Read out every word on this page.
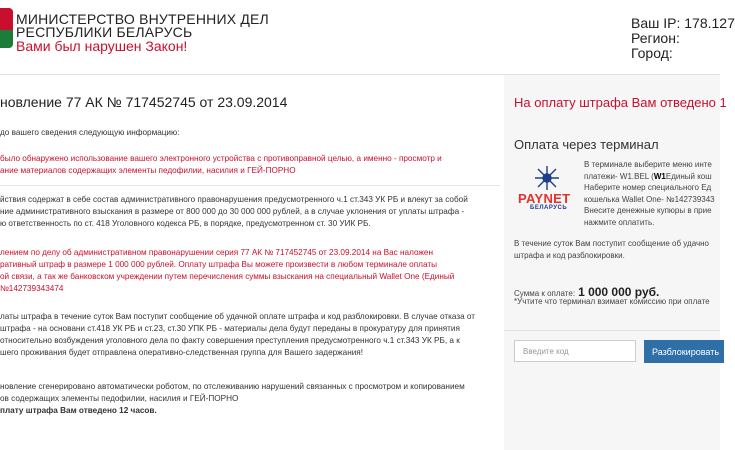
МИНИСТЕРСТВО ВНУТРЕННИХ ДЕЛ
РЕСПУБЛИКИ БЕЛАРУСЬ
Вами был нарушен Закон!
Ваш IP: 178.127
Регион:
Город:
новление 77 АК № 717452745 от 23.09.2014
до вашего сведения следующую информацию:
было обнаружено использование вашего электронного устройства с противоправной целью, а именно - просмотр и
ание материалов содержащих элементы педофилии, насилия и ГЕЙ-ПОРНО
йствия содержат в себе состав административного правонарушения предусмотренного ч.1 ст.343 УК РБ и влекут за собой
ние административного взыскания в размере от 800 000 до 30 000 000 рублей, а в случае уклонения от уплаты штрафа -
ю ответственность по ст. 418 Уголовного кодекса РБ, в порядке, предусмотренном ст. 30 УИК РБ.
лением по делу об административном правонарушении серия 77 АК № 717452745 от 23.09.2014 на Вас наложен
ративный штраф в размере 1 000 000 рублей. Оплату штрафа Вы можете произвести в любом терминале оплаты
ой связи, а так же банковском учреждении путем перечисления суммы взыскания на специальный Wallet One (Единый
№142739343474
латы штрафа в течение суток Вам поступит сообщение об удачной оплате штрафа и код разблокировки. В случае отказа от
штрафа - на основани ст.418 УК РБ и ст.23, ст.30 УПК РБ - материалы дела будут переданы в прокуратуру для принятия
относительно возбуждения уголовного дела по факту совершения преступления предусмотренного ч.1 ст.343 УК РБ, а к
шего проживания будет отправлена оперативно-следственная группа для Вашего задержания!
новление сгенерировано автоматически роботом, по отслеживанию нарушений связанных с просмотром и копированием
ов содержащих элементы педофилии, насилия и ГЕЙ-ПОРНО
плату штрафа Вам отведено 12 часов.
На оплату штрафа Вам отведено 1
Оплата через терминал
PAYNET
БЕЛАРУСЬ
В терминале выберите меню инте
платежи- W1.BEL (W1Единый кош
Наберите номер специального Ед
кошелька Wallet One- №142739343
Внесите денежные купюры в прие
нажмите оплатить.
В течение суток Вам поступит сообщение об удачно
штрафа и код разблокировки.
Сумма к оплате: 1 000 000 руб.
*Учтите что терминал взимает комиссию при оплате
Введите код
Разблокировать
